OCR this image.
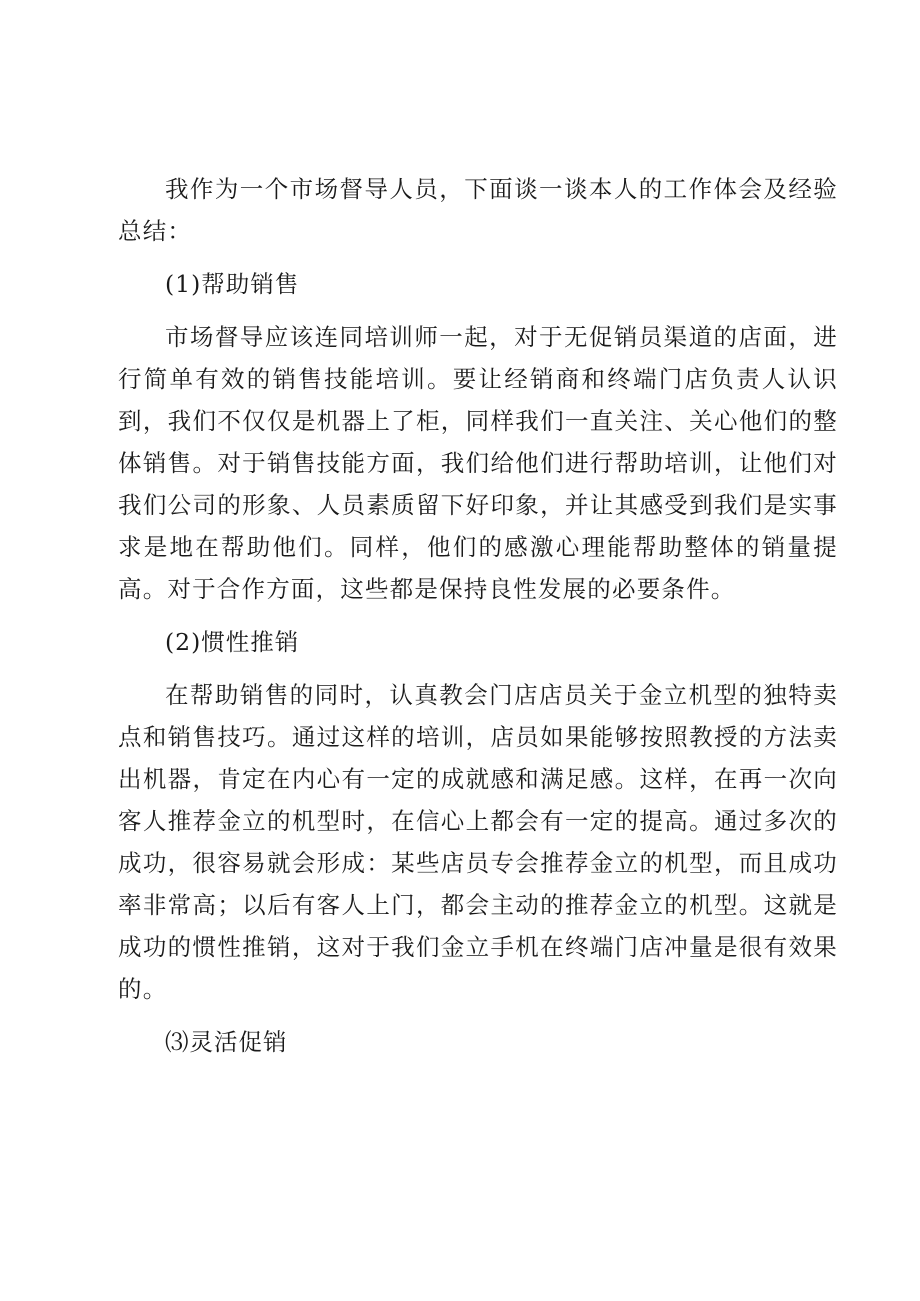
我作为一个市场督导人员，下面谈一谈本人的工作体会及经验总结：

(1)帮助销售

市场督导应该连同培训师一起，对于无促销员渠道的店面，进行简单有效的销售技能培训。要让经销商和终端门店负责人认识到，我们不仅仅是机器上了柜，同样我们一直关注、关心他们的整体销售。对于销售技能方面，我们给他们进行帮助培训，让他们对我们公司的形象、人员素质留下好印象，并让其感受到我们是实事求是地在帮助他们。同样，他们的感激心理能帮助整体的销量提高。对于合作方面，这些都是保持良性发展的必要条件。

(2)惯性推销

在帮助销售的同时，认真教会门店店员关于金立机型的独特卖点和销售技巧。通过这样的培训，店员如果能够按照教授的方法卖出机器，肯定在内心有一定的成就感和满足感。这样，在再一次向客人推荐金立的机型时，在信心上都会有一定的提高。通过多次的成功，很容易就会形成：某些店员专会推荐金立的机型，而且成功率非常高；以后有客人上门，都会主动的推荐金立的机型。这就是成功的惯性推销，这对于我们金立手机在终端门店冲量是很有效果的。

⑶灵活促销
